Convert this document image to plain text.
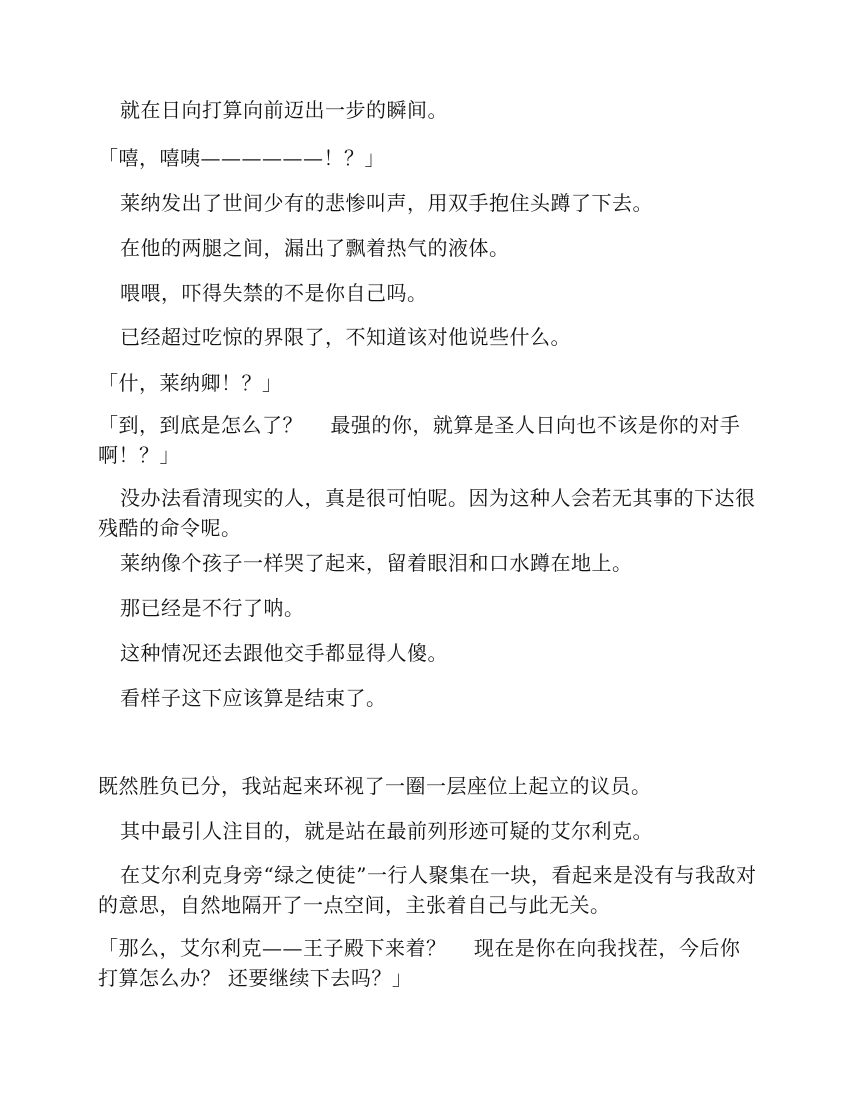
就在日向打算向前迈出一步的瞬间。

「嘻，嘻咦——————！？」

莱纳发出了世间少有的悲惨叫声，用双手抱住头蹲了下去。

在他的两腿之间，漏出了飘着热气的液体。

喂喂，吓得失禁的不是你自己吗。

已经超过吃惊的界限了，不知道该对他说些什么。

「什，莱纳卿！？」

「到，到底是怎么了？　 最强的你，就算是圣人日向也不该是你的对手啊！？」

没办法看清现实的人，真是很可怕呢。因为这种人会若无其事的下达很残酷的命令呢。

莱纳像个孩子一样哭了起来，留着眼泪和口水蹲在地上。

那已经是不行了呐。

这种情况还去跟他交手都显得人傻。

看样子这下应该算是结束了。

既然胜负已分，我站起来环视了一圈一层座位上起立的议员。

其中最引人注目的，就是站在最前列形迹可疑的艾尔利克。

在艾尔利克身旁“绿之使徒”一行人聚集在一块，看起来是没有与我敌对的意思，自然地隔开了一点空间，主张着自己与此无关。

「那么，艾尔利克——王子殿下来着？　 现在是你在向我找茬，今后你打算怎么办？ 还要继续下去吗？」
